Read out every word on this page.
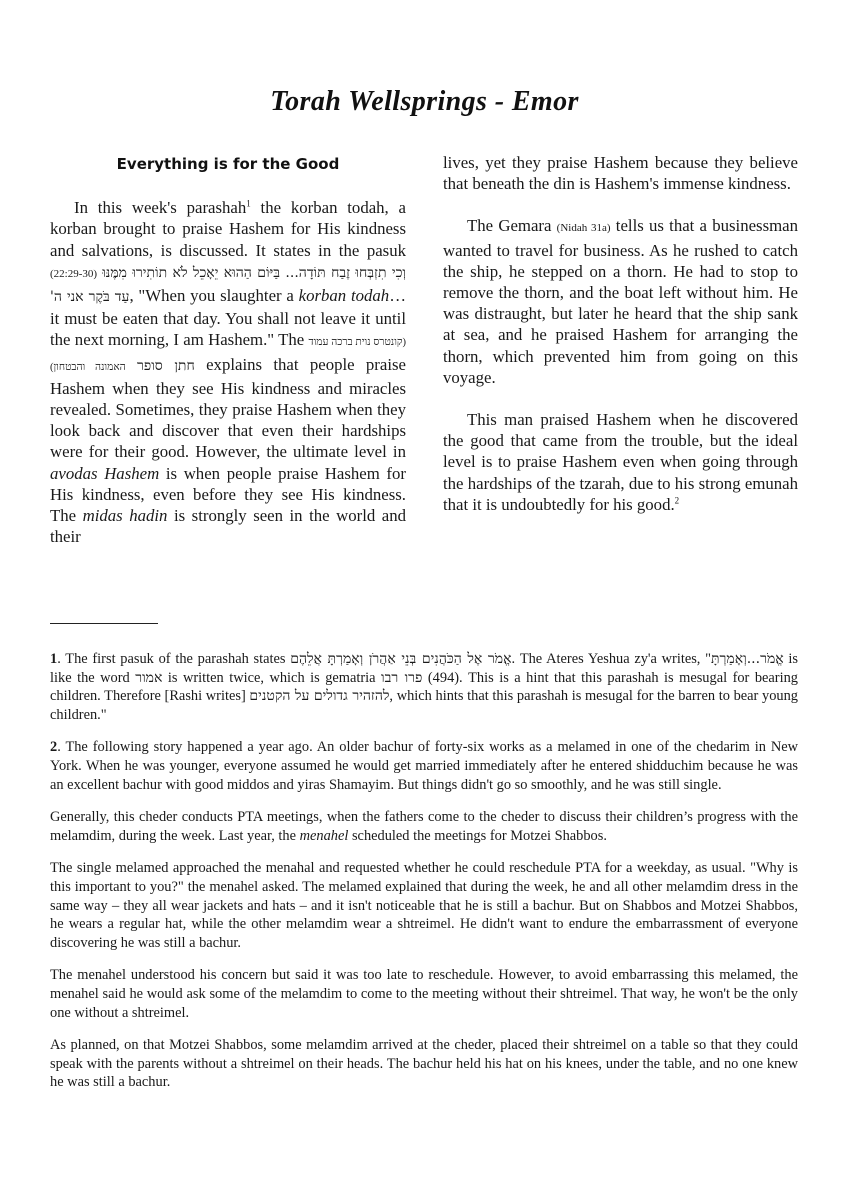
Torah Wellsprings - Emor
Everything is for the Good

In this week's parashah$^1$ the korban todah, a korban brought to praise Hashem for His kindness and salvations, is discussed. It states in the pasuk (22:29-30) וְכִי תִזְבְּחוּ זֶבַח תּוֹדָה... בַּיּוֹם הַהוּא יֵאָכֵל לֹא תוֹתִירוּ מִמֶּנּוּ עַד בֹּקֶר אני ה', "When you slaughter a korban todah… it must be eaten that day. You shall not leave it until the next morning, I am Hashem." The (קונטרס נוית ברכה עמוד האמונה והבטחון) חתן סופר explains that people praise Hashem when they see His kindness and miracles revealed. Sometimes, they praise Hashem when they look back and discover that even their hardships were for their good. However, the ultimate level in avodas Hashem is when people praise Hashem for His kindness, even before they see His kindness. The midas hadin is strongly seen in the world and their

lives, yet they praise Hashem because they believe that beneath the din is Hashem's immense kindness.

The Gemara (Nidah 31a) tells us that a businessman wanted to travel for business. As he rushed to catch the ship, he stepped on a thorn. He had to stop to remove the thorn, and the boat left without him. He was distraught, but later he heard that the ship sank at sea, and he praised Hashem for arranging the thorn, which prevented him from going on this voyage.

This man praised Hashem when he discovered the good that came from the trouble, but the ideal level is to praise Hashem even when going through the hardships of the tzarah, due to his strong emunah that it is undoubtedly for his good.$^2$

1. The first pasuk of the parashah states אֱמֹר אֶל הַכֹּהֲנִים בְּנֵי אַהֲרֹן וְאָמַרְתָּ אֲלֵהֶם. The Ateres Yeshua zy'a writes, "אֱמֹר...וְאָמַרְתָּ is like the word אמור is written twice, which is gematria פרו רבו (494). This is a hint that this parashah is mesugal for bearing children. Therefore [Rashi writes] להזהיר גדולים על הקטנים, which hints that this parashah is mesugal for the barren to bear young children."

2. The following story happened a year ago. An older bachur of forty-six works as a melamed in one of the chedarim in New York. When he was younger, everyone assumed he would get married immediately after he entered shidduchim because he was an excellent bachur with good middos and yiras Shamayim. But things didn't go so smoothly, and he was still single.

Generally, this cheder conducts PTA meetings, when the fathers come to the cheder to discuss their children’s progress with the melamdim, during the week. Last year, the menahel scheduled the meetings for Motzei Shabbos.

The single melamed approached the menahal and requested whether he could reschedule PTA for a weekday, as usual. "Why is this important to you?" the menahel asked. The melamed explained that during the week, he and all other melamdim dress in the same way – they all wear jackets and hats – and it isn't noticeable that he is still a bachur. But on Shabbos and Motzei Shabbos, he wears a regular hat, while the other melamdim wear a shtreimel. He didn't want to endure the embarrassment of everyone discovering he was still a bachur.

The menahel understood his concern but said it was too late to reschedule. However, to avoid embarrassing this melamed, the menahel said he would ask some of the melamdim to come to the meeting without their shtreimel. That way, he won't be the only one without a shtreimel.

As planned, on that Motzei Shabbos, some melamdim arrived at the cheder, placed their shtreimel on a table so that they could speak with the parents without a shtreimel on their heads. The bachur held his hat on his knees, under the table, and no one knew he was still a bachur.
